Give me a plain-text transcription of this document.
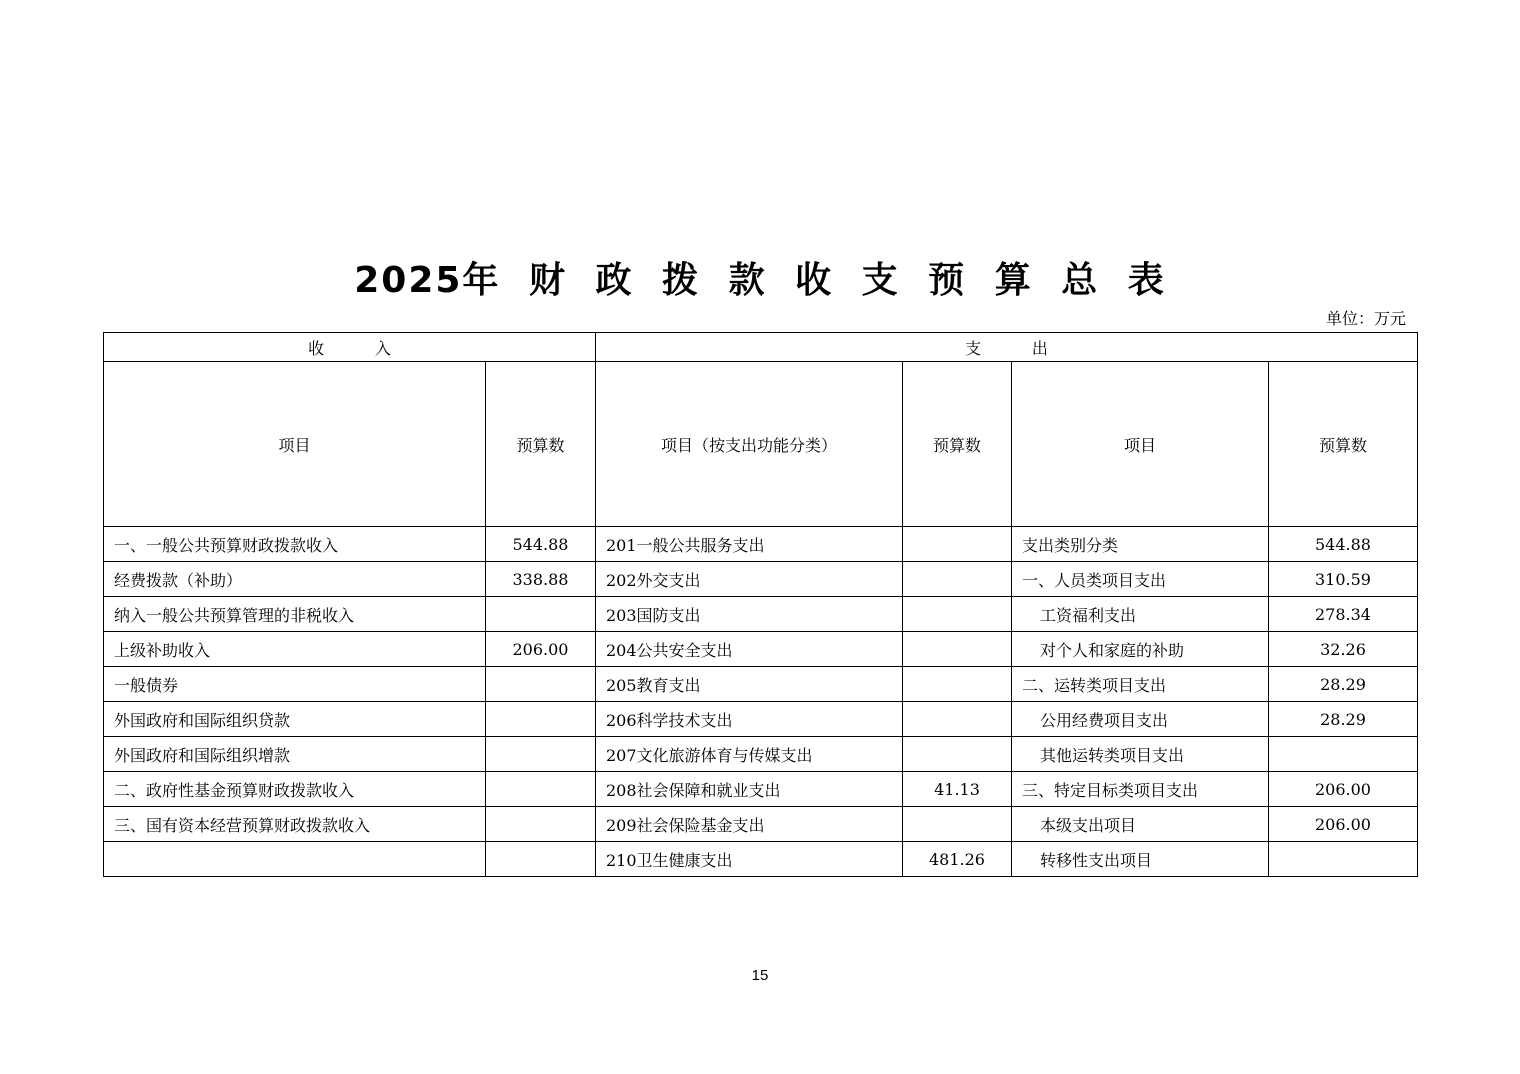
2025年 财 政 拨 款 收 支 预 算 总 表
单位：万元
收          入		支          出			
项目	预算数	项目（按支出功能分类）	预算数	项目	预算数
一、一般公共预算财政拨款收入	544.88	201一般公共服务支出		支出类别分类	544.88
经费拨款（补助）	338.88	202外交支出		一、人员类项目支出	310.59
纳入一般公共预算管理的非税收入		203国防支出		工资福利支出	278.34
上级补助收入	206.00	204公共安全支出		对个人和家庭的补助	32.26
一般债券		205教育支出		二、运转类项目支出	28.29
外国政府和国际组织贷款		206科学技术支出		公用经费项目支出	28.29
外国政府和国际组织增款		207文化旅游体育与传媒支出		其他运转类项目支出	
二、政府性基金预算财政拨款收入		208社会保障和就业支出	41.13	三、特定目标类项目支出	206.00
三、国有资本经营预算财政拨款收入		209社会保险基金支出		本级支出项目	206.00
		210卫生健康支出	481.26	转移性支出项目	
15
